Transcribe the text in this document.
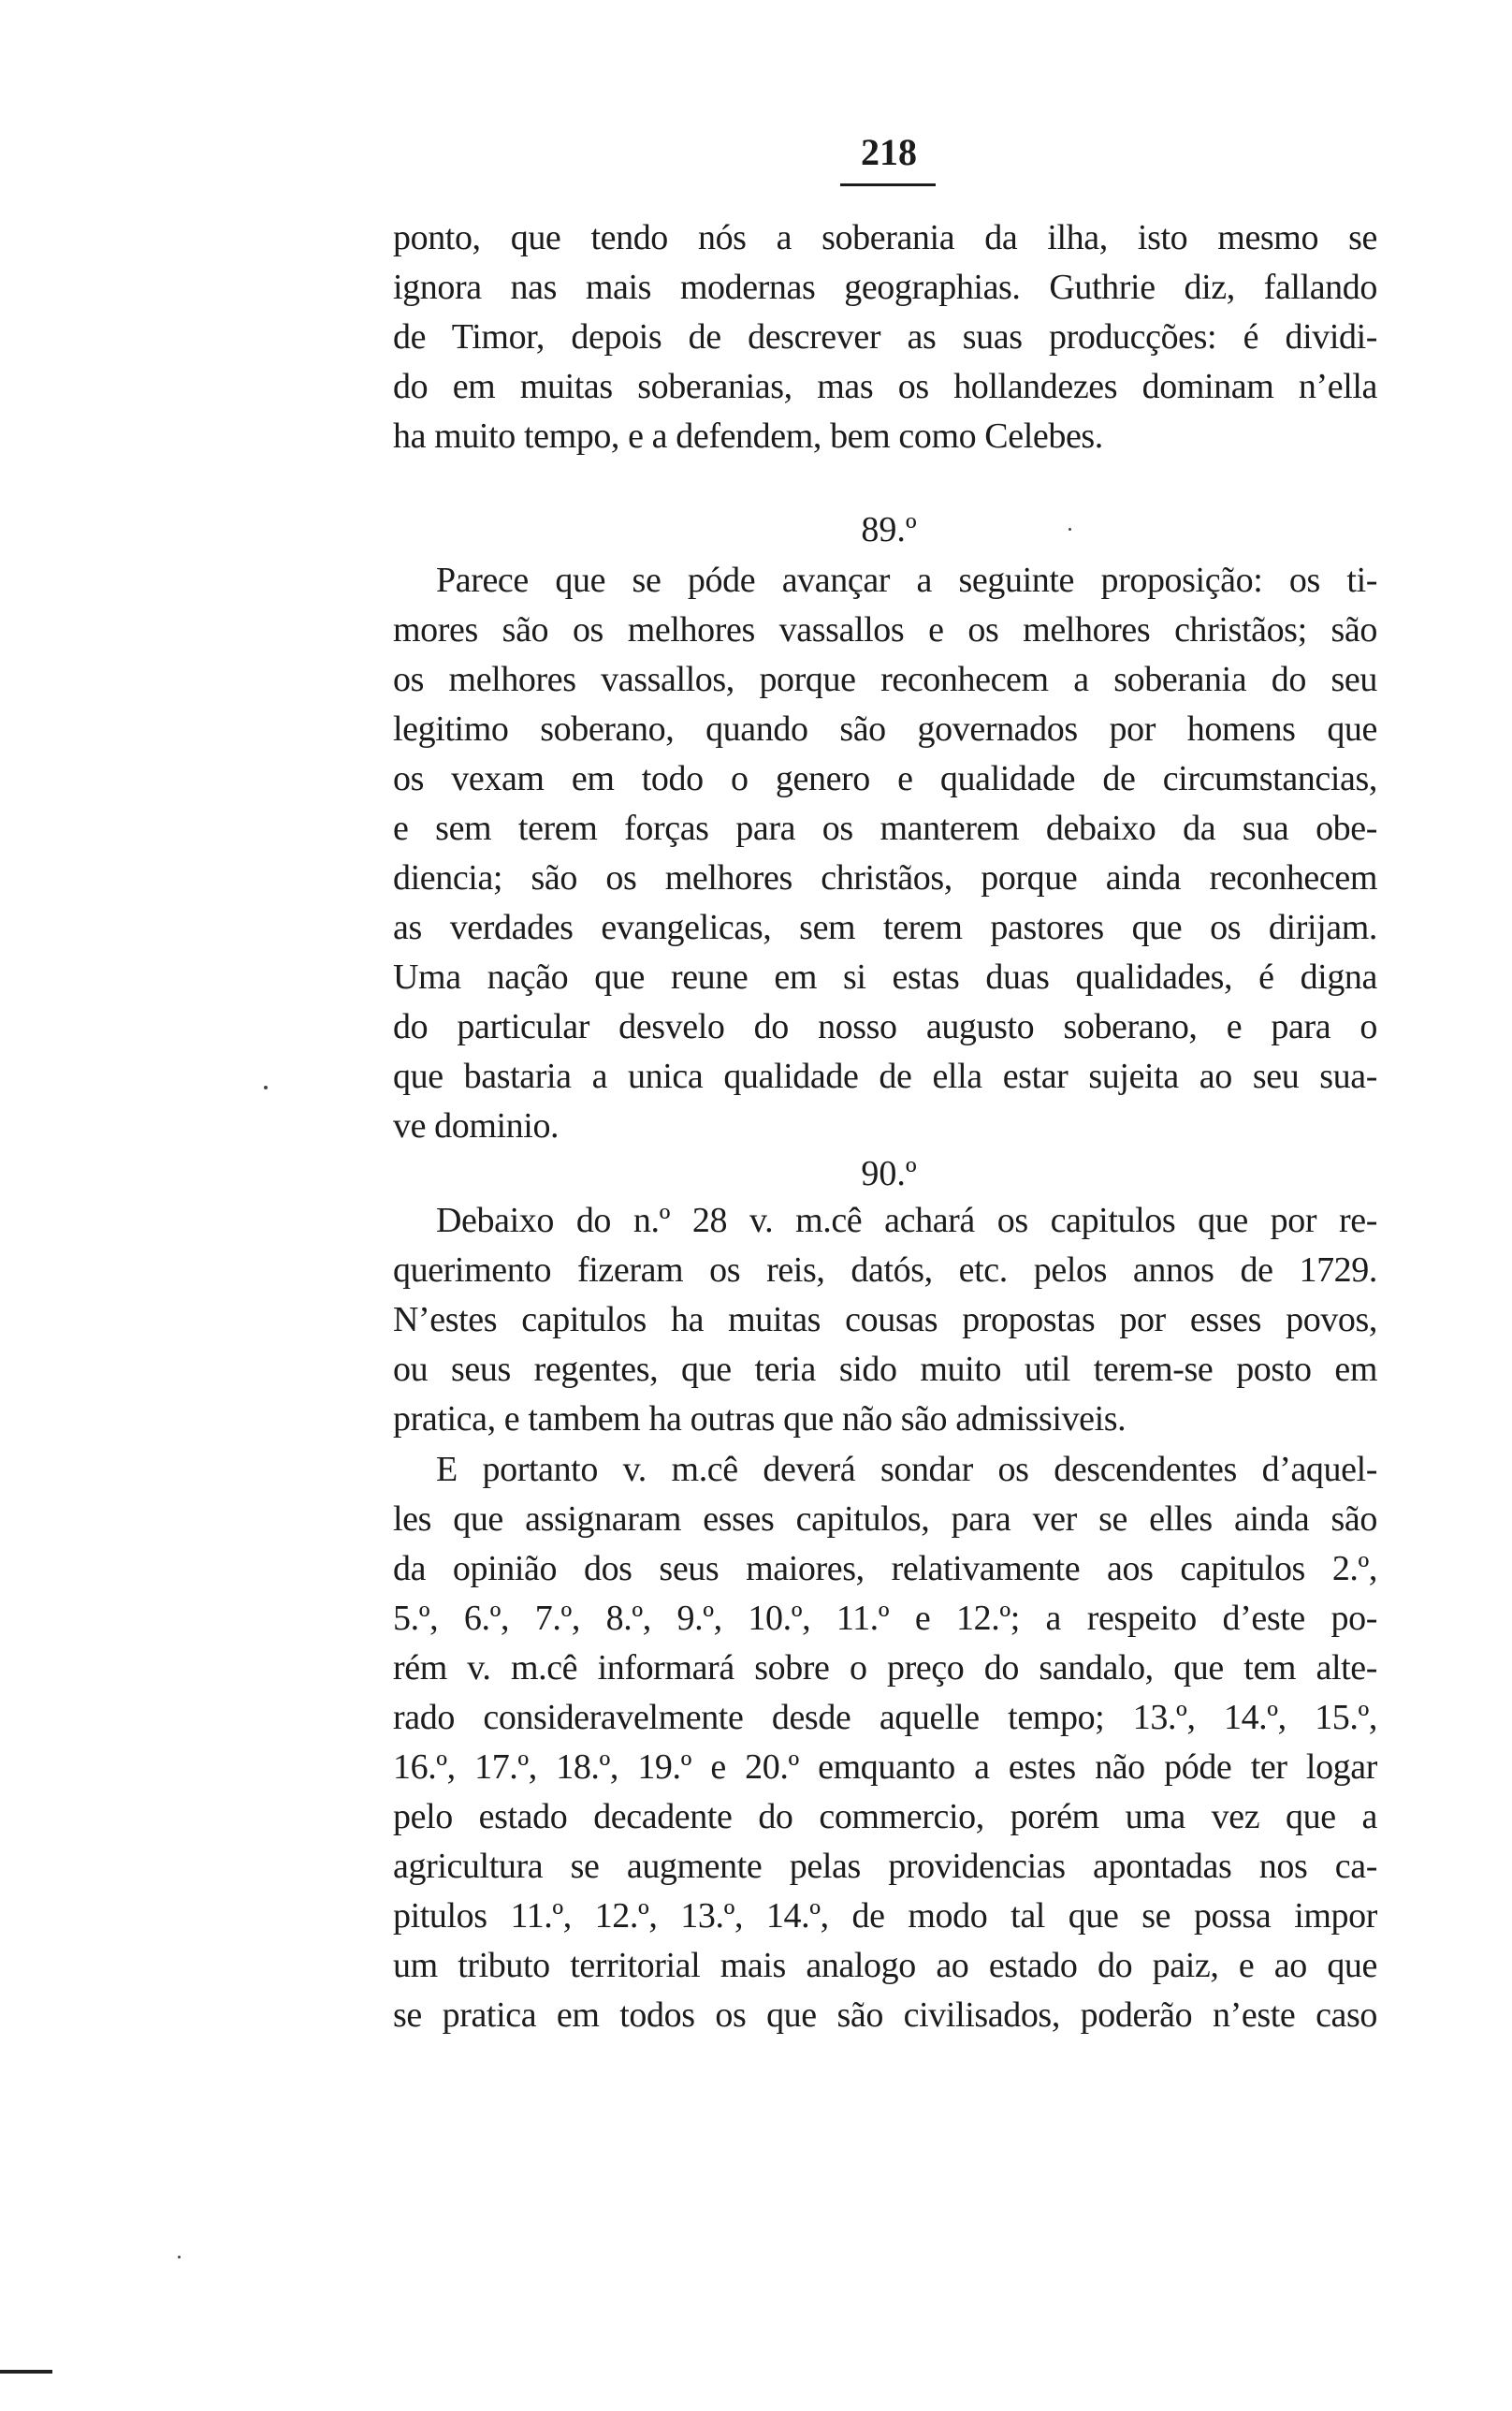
218
ponto, que tendo nós a soberania da ilha, isto mesmo se
ignora nas mais modernas geographias. Guthrie diz, fallando
de Timor, depois de descrever as suas producções: é dividi-
do em muitas soberanias, mas os hollandezes dominam n’ella
ha muito tempo, e a defendem, bem como Celebes.
89.º
Parece que se póde avançar a seguinte proposição: os ti-
mores são os melhores vassallos e os melhores christãos; são
os melhores vassallos, porque reconhecem a soberania do seu
legitimo soberano, quando são governados por homens que
os vexam em todo o genero e qualidade de circumstancias,
e sem terem forças para os manterem debaixo da sua obe-
diencia; são os melhores christãos, porque ainda reconhecem
as verdades evangelicas, sem terem pastores que os dirijam.
Uma nação que reune em si estas duas qualidades, é digna
do particular desvelo do nosso augusto soberano, e para o
que bastaria a unica qualidade de ella estar sujeita ao seu sua-
ve dominio.
90.º
Debaixo do n.º 28 v. m.cê achará os capitulos que por re-
querimento fizeram os reis, datós, etc. pelos annos de 1729.
N’estes capitulos ha muitas cousas propostas por esses povos,
ou seus regentes, que teria sido muito util terem-se posto em
pratica, e tambem ha outras que não são admissiveis.
E portanto v. m.cê deverá sondar os descendentes d’aquel-
les que assignaram esses capitulos, para ver se elles ainda são
da opinião dos seus maiores, relativamente aos capitulos 2.º,
5.º, 6.º, 7.º, 8.º, 9.º, 10.º, 11.º e 12.º; a respeito d’este po-
rém v. m.cê informará sobre o preço do sandalo, que tem alte-
rado consideravelmente desde aquelle tempo; 13.º, 14.º, 15.º,
16.º, 17.º, 18.º, 19.º e 20.º emquanto a estes não póde ter logar
pelo estado decadente do commercio, porém uma vez que a
agricultura se augmente pelas providencias apontadas nos ca-
pitulos 11.º, 12.º, 13.º, 14.º, de modo tal que se possa impor
um tributo territorial mais analogo ao estado do paiz, e ao que
se pratica em todos os que são civilisados, poderão n’este caso
